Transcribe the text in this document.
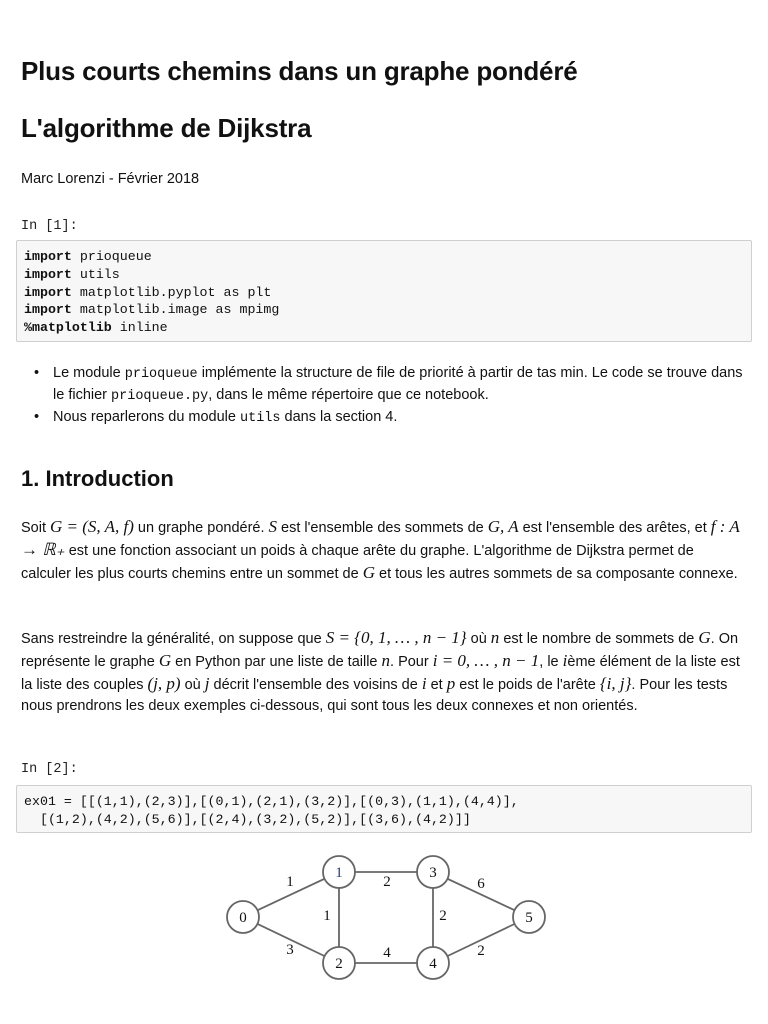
Plus courts chemins dans un graphe pondéré
L'algorithme de Dijkstra
Marc Lorenzi - Février 2018
In [1]:
import prioqueue
import utils
import matplotlib.pyplot as plt
import matplotlib.image as mpimg
%matplotlib inline
• Le module prioqueue implémente la structure de file de priorité à partir de tas min. Le code se trouve dans le fichier prioqueue.py, dans le même répertoire que ce notebook.
• Nous reparlerons du module utils dans la section 4.
1. Introduction
Soit G = (S, A, f) un graphe pondéré. S est l'ensemble des sommets de G, A est l'ensemble des arêtes, et f : A → ℝ₊ est une fonction associant un poids à chaque arête du graphe. L'algorithme de Dijkstra permet de calculer les plus courts chemins entre un sommet de G et tous les autres sommets de sa composante connexe.
Sans restreindre la généralité, on suppose que S = {0, 1, … , n − 1} où n est le nombre de sommets de G. On représente le graphe G en Python par une liste de taille n. Pour i = 0, … , n − 1, le ième élément de la liste est la liste des couples (j, p) où j décrit l'ensemble des voisins de i et p est le poids de l'arête {i, j}. Pour les tests nous prendrons les deux exemples ci-dessous, qui sont tous les deux connexes et non orientés.
In [2]:
ex01 = [[(1,1),(2,3)],[(0,1),(2,1),(3,2)],[(0,3),(1,1),(4,4)],
[(1,2),(4,2),(5,6)],[(2,4),(3,2),(5,2)],[(3,6),(4,2)]]
1
3
1
2
4
2
6
2
0
1
2
3
4
5
